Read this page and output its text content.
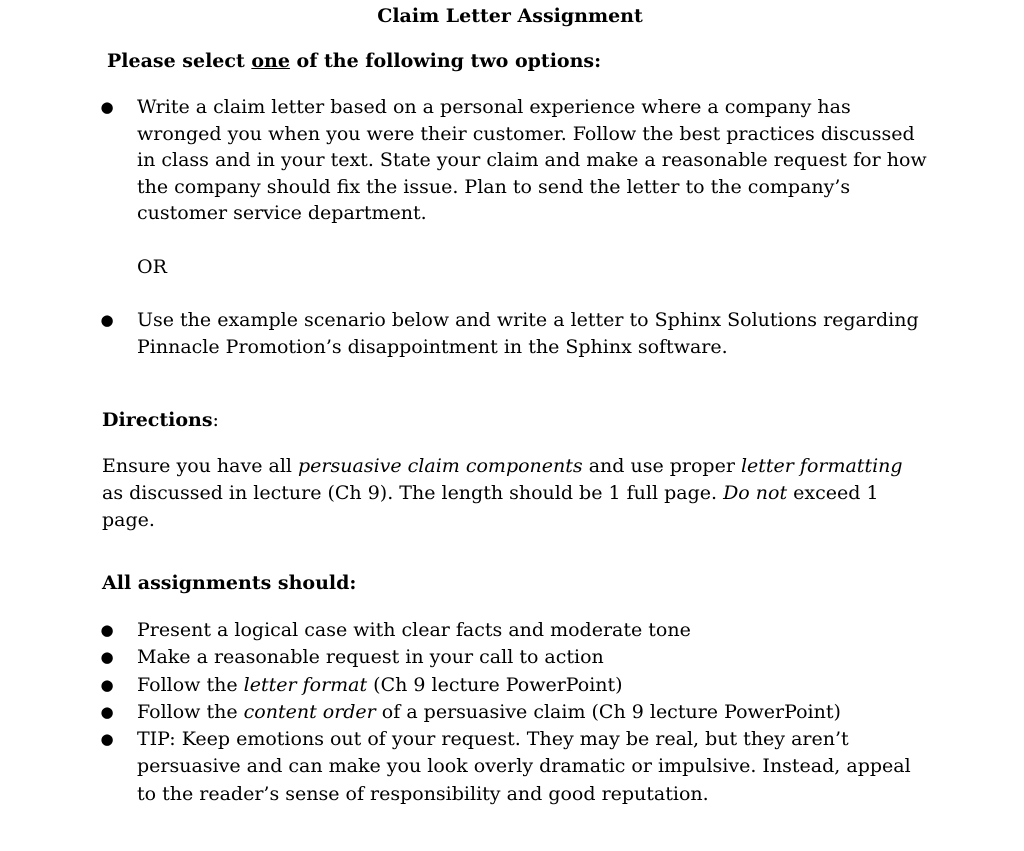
Claim Letter Assignment
Please select one of the following two options:
● Write a claim letter based on a personal experience where a company has wronged you when you were their customer. Follow the best practices discussed in class and in your text. State your claim and make a reasonable request for how the company should fix the issue. Plan to send the letter to the company’s customer service department.
OR
● Use the example scenario below and write a letter to Sphinx Solutions regarding Pinnacle Promotion’s disappointment in the Sphinx software.
Directions:
Ensure you have all persuasive claim components and use proper letter formatting as discussed in lecture (Ch 9). The length should be 1 full page. Do not exceed 1 page.
All assignments should:
● Present a logical case with clear facts and moderate tone
● Make a reasonable request in your call to action
● Follow the letter format (Ch 9 lecture PowerPoint)
● Follow the content order of a persuasive claim (Ch 9 lecture PowerPoint)
● TIP: Keep emotions out of your request. They may be real, but they aren’t persuasive and can make you look overly dramatic or impulsive. Instead, appeal to the reader’s sense of responsibility and good reputation.
